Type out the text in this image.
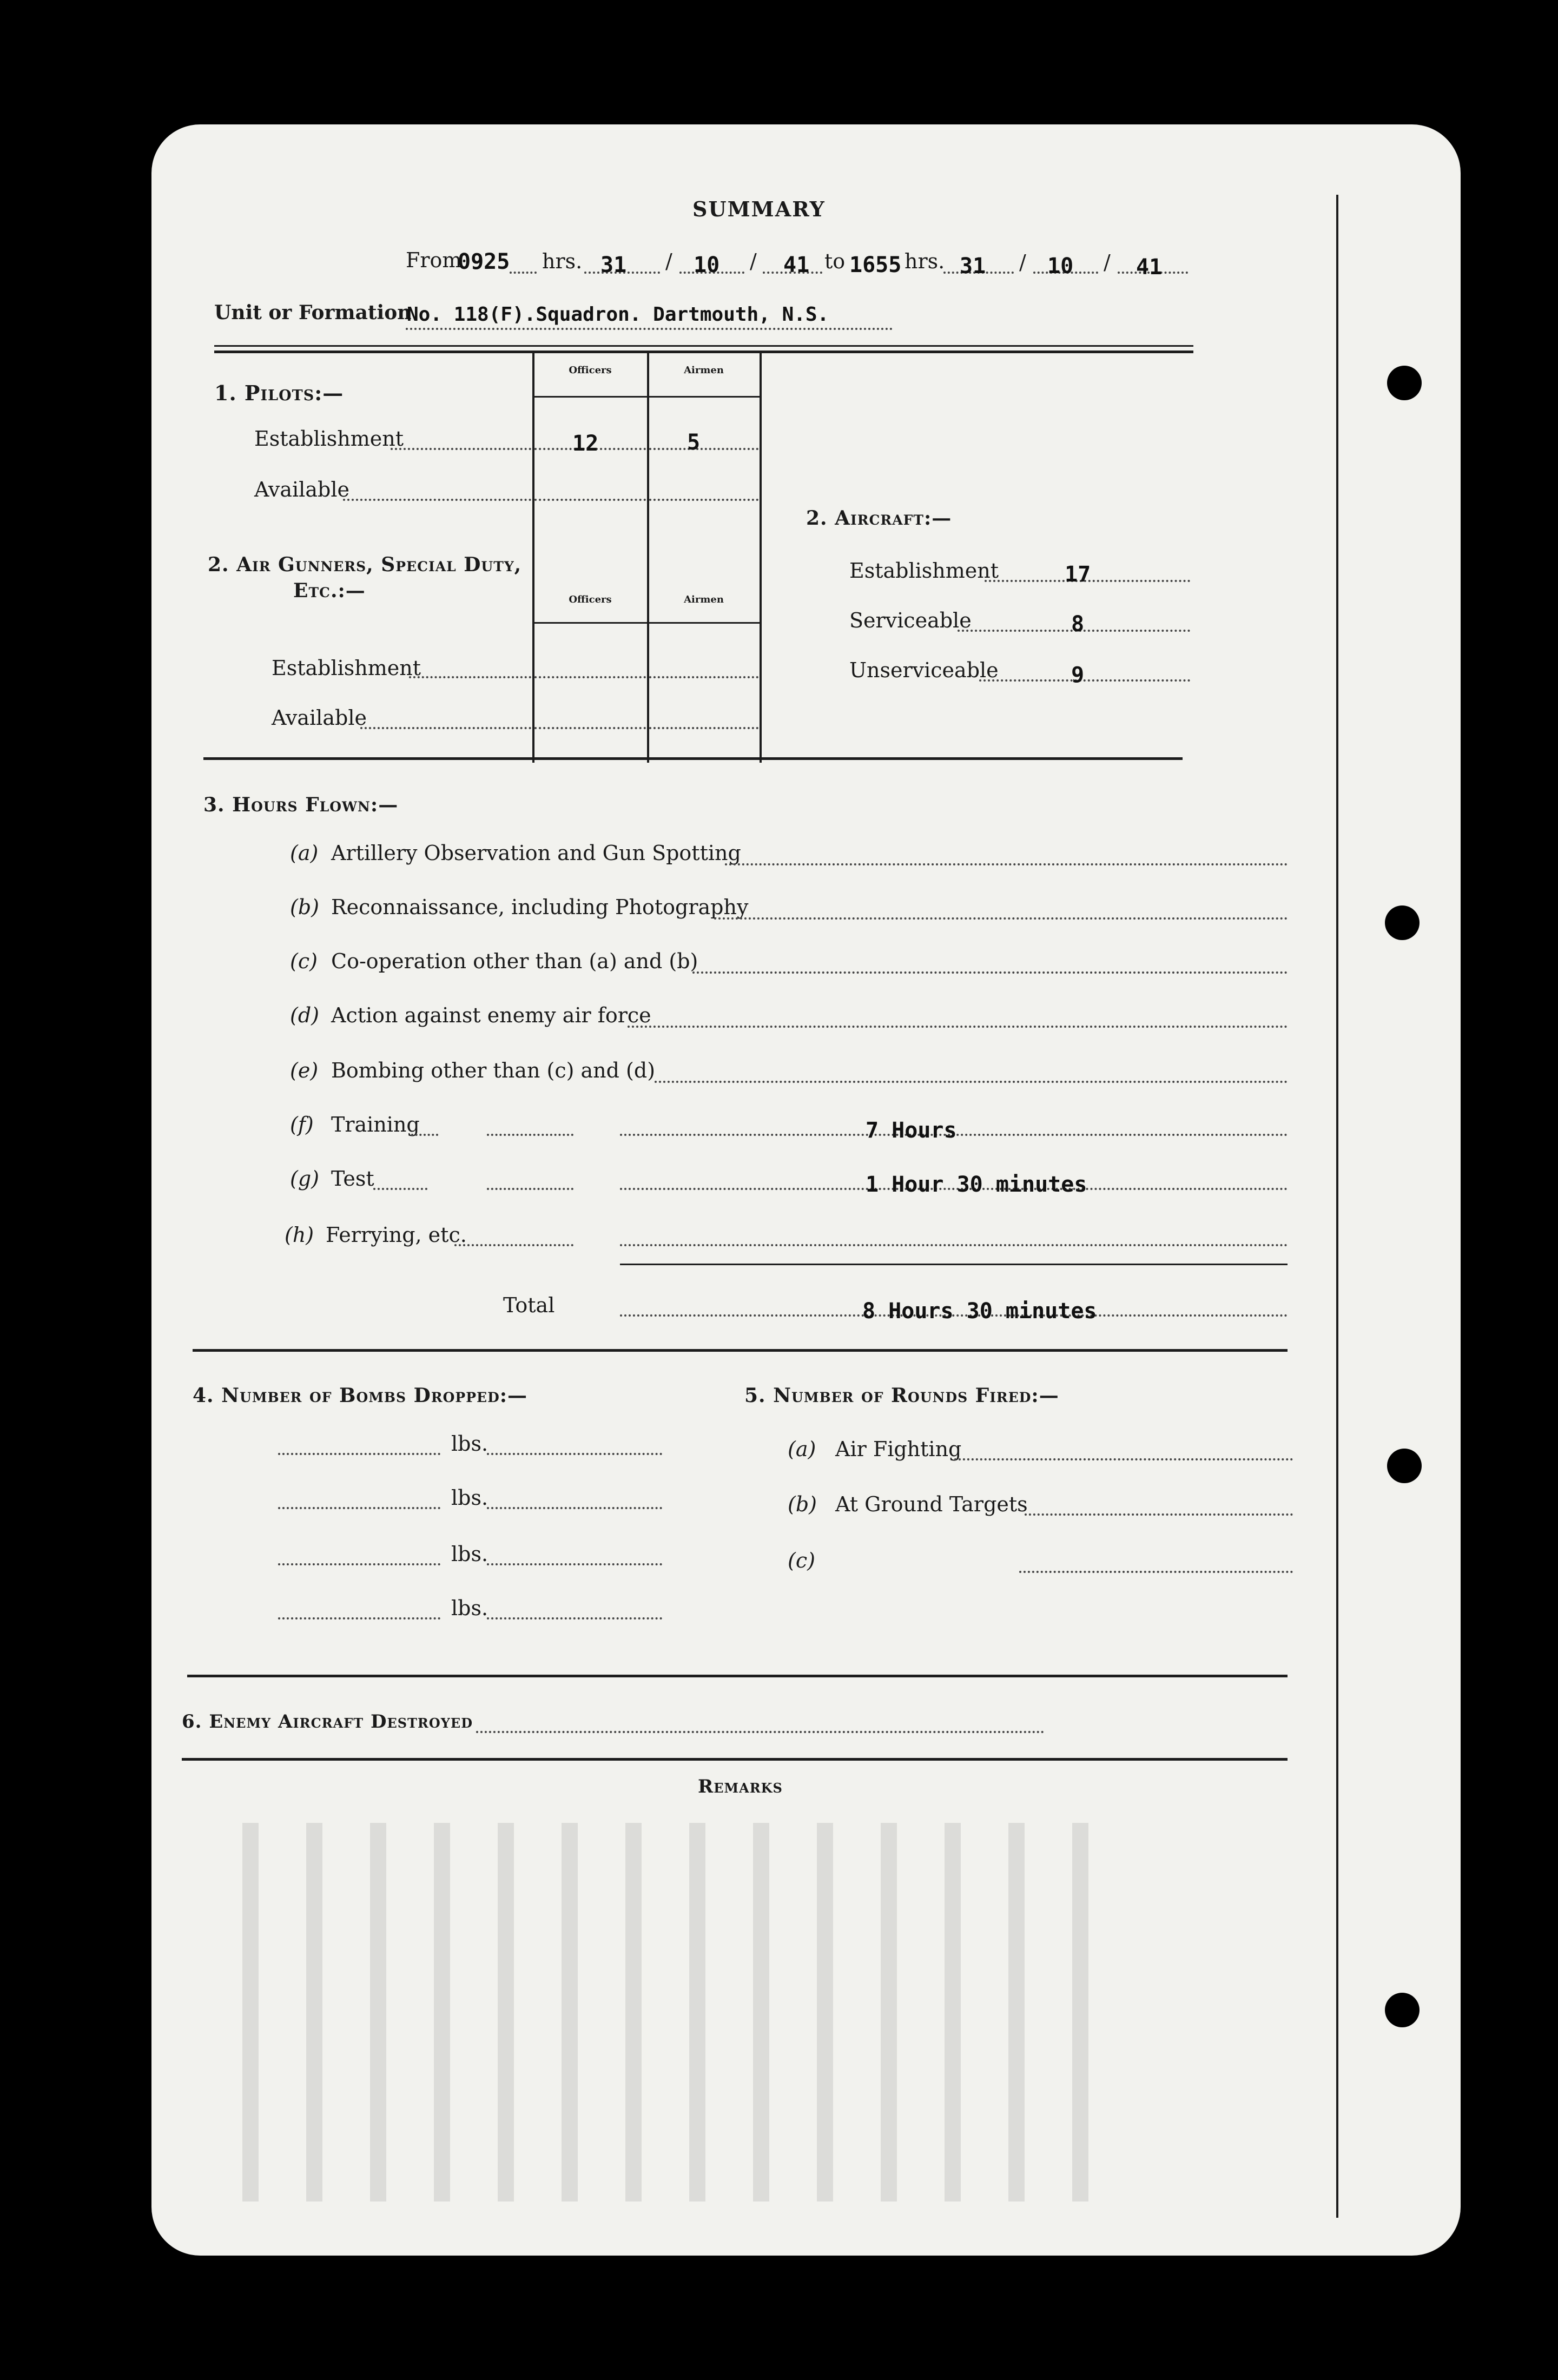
SUMMARY
From
0925 hrs. 31 / 10 / 41 to 1655 hrs. 31 / 10 / 41
Unit or Formation
No. 118(F).Squadron. Dartmouth, N.S.
Officers	Airmen
1. Pilots:—
Establishment	12	5
Available
2. Air Gunners, Special Duty,
Etc.:—	Officers	Airmen
Establishment
Available
2. Aircraft:—
Establishment	17
Serviceable	8
Unserviceable	9
3. Hours Flown:—
(a) Artillery Observation and Gun Spotting
(b) Reconnaissance, including Photography
(c) Co-operation other than (a) and (b)
(d) Action against enemy air force
(e) Bombing other than (c) and (d)
(f) Training	7 Hours
(g) Test	1 Hour 30 minutes
(h) Ferrying, etc.
Total	8 Hours 30 minutes
4. Number of Bombs Dropped:—
lbs.
lbs.
lbs.
lbs.
5. Number of Rounds Fired:—
(a) Air Fighting
(b) At Ground Targets
(c)
6. Enemy Aircraft Destroyed
Remarks
